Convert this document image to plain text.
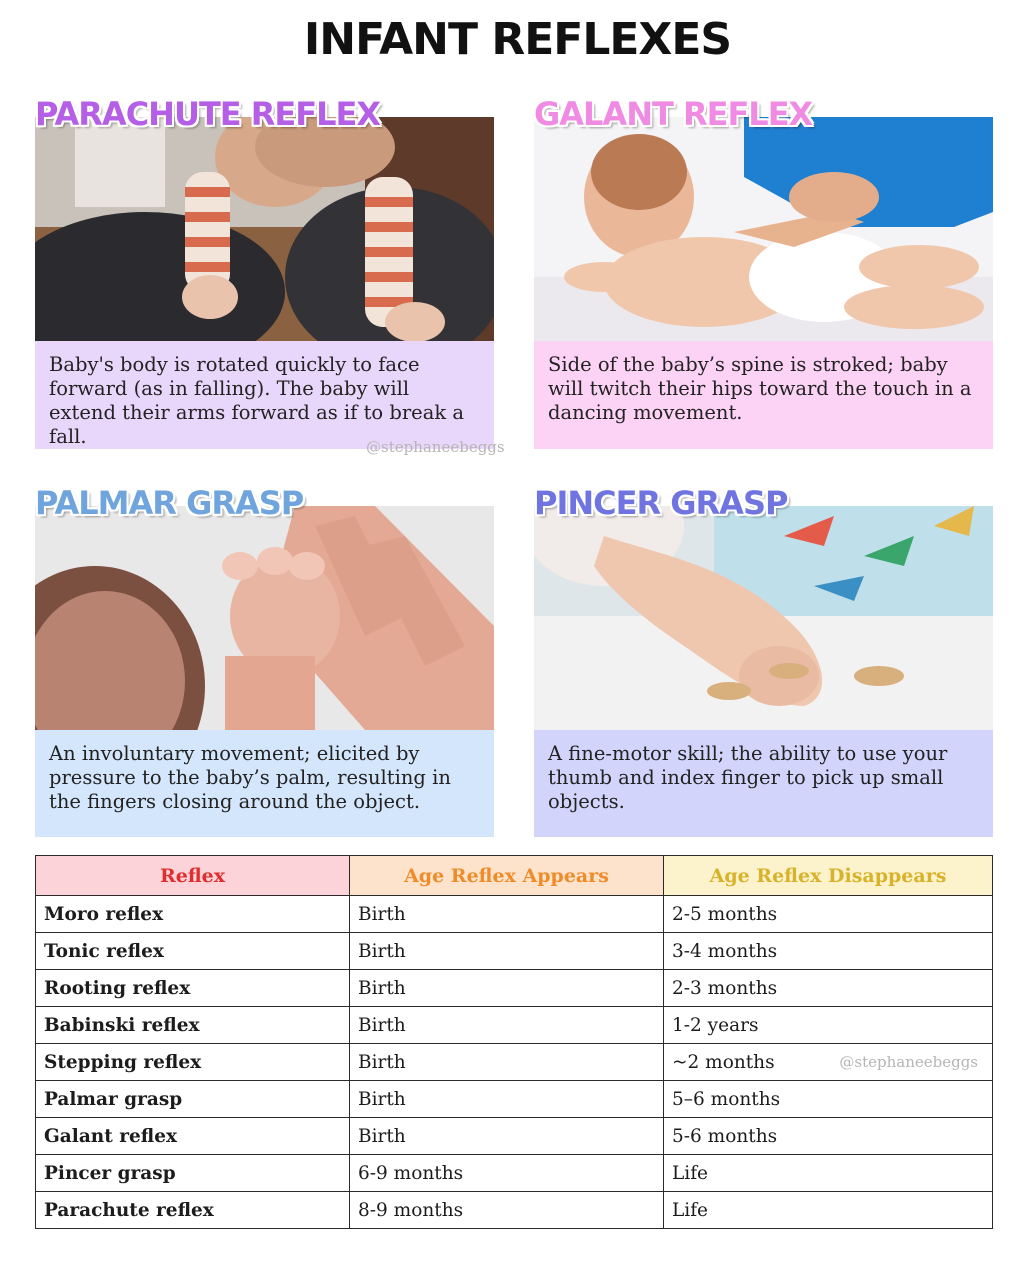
INFANT REFLEXES
PARACHUTE REFLEX
Baby's body is rotated quickly to face forward (as in falling). The baby will extend their arms forward as if to break a fall.	@stephaneebeggs
GALANT REFLEX
Side of the baby’s spine is stroked; baby will twitch their hips toward the touch in a dancing movement.
PALMAR GRASP
An involuntary movement; elicited by pressure to the baby’s palm, resulting in the fingers closing around the object.
PINCER GRASP
A fine-motor skill; the ability to use your thumb and index finger to pick up small objects.
Reflex	Age Reflex Appears	Age Reflex Disappears
Moro reflex	Birth	2-5 months
Tonic reflex	Birth	3-4 months
Rooting reflex	Birth	2-3 months
Babinski reflex	Birth	1-2 years
Stepping reflex	Birth	~2 months @stephaneebeggs

Palmar grasp	Birth	5–6 months
Galant reflex	Birth	5-6 months
Pincer grasp	6-9 months	Life
Parachute reflex	8-9 months	Life
